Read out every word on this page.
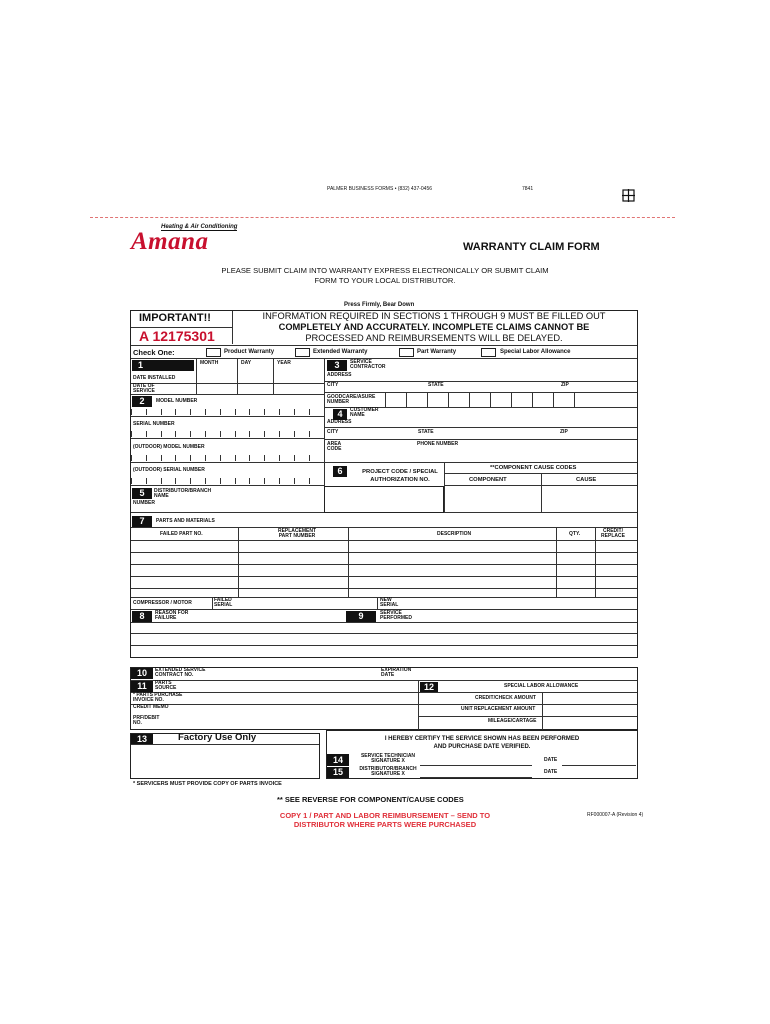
PALMER BUSINESS FORMS • (832) 437-0456	7841
Heating & Air Conditioning
Amana	WARRANTY CLAIM FORM
PLEASE SUBMIT CLAIM INTO WARRANTY EXPRESS ELECTRONICALLY OR SUBMIT CLAIM
FORM TO YOUR LOCAL DISTRIBUTOR.
Press Firmly, Bear Down
IMPORTANT!!
A 12175301
INFORMATION REQUIRED IN SECTIONS 1 THROUGH 9 MUST BE FILLED OUT
COMPLETELY AND ACCURATELY. INCOMPLETE CLAIMS CANNOT BE
PROCESSED AND REIMBURSEMENTS WILL BE DELAYED.
Check One:	Product Warranty	Extended Warranty	Part Warranty	Special Labor Allowance
1	MONTH	DAY	YEAR
DATE INSTALLED
DATE OF SERVICE
2	MODEL NUMBER
SERIAL NUMBER
(OUTDOOR) MODEL NUMBER
(OUTDOOR) SERIAL NUMBER
5	DISTRIBUTOR/BRANCH NAME
NUMBER
3	SERVICE CONTRACTOR
ADDRESS
CITY	STATE	ZIP
GOODCARE/ASURE NUMBER
4	CUSTOMER NAME
ADDRESS
CITY	STATE	ZIP
AREA CODE
PHONE NUMBER
6	PROJECT CODE / SPECIAL
AUTHORIZATION NO.
**COMPONENT CAUSE CODES
COMPONENT	CAUSE
7	PARTS AND MATERIALS
FAILED PART NO.	REPLACEMENT PART NUMBER	DESCRIPTION	QTY.	CREDIT/ REPLACE
COMPRESSOR / MOTOR	FAILED SERIAL
NEW SERIAL
8	REASON FOR FAILURE	9	SERVICE PERFORMED
10	EXTENDED SERVICE CONTRACT NO.
EXPIRATION DATE
11	PARTS SOURCE	12	SPECIAL LABOR ALLOWANCE
* PARTS PURCHASE INVOICE NO.	CREDIT/CHECK AMOUNT
CREDIT MEMO	UNIT REPLACEMENT AMOUNT
PRF/DEBIT NO.	MILEAGE/CARTAGE
13	Factory Use Only	I HEREBY CERTIFY THE SERVICE SHOWN HAS BEEN PERFORMED
AND PURCHASE DATE VERIFIED.
14	SERVICE TECHNICIAN SIGNATURE X	DATE
15	DISTRIBUTOR/BRANCH SIGNATURE X	DATE
* SERVICERS MUST PROVIDE COPY OF PARTS INVOICE
** SEE REVERSE FOR COMPONENT/CAUSE CODES
COPY 1 / PART AND LABOR REIMBURSEMENT – SEND TO
DISTRIBUTOR WHERE PARTS WERE PURCHASED
RF000007-A (Revision 4)
